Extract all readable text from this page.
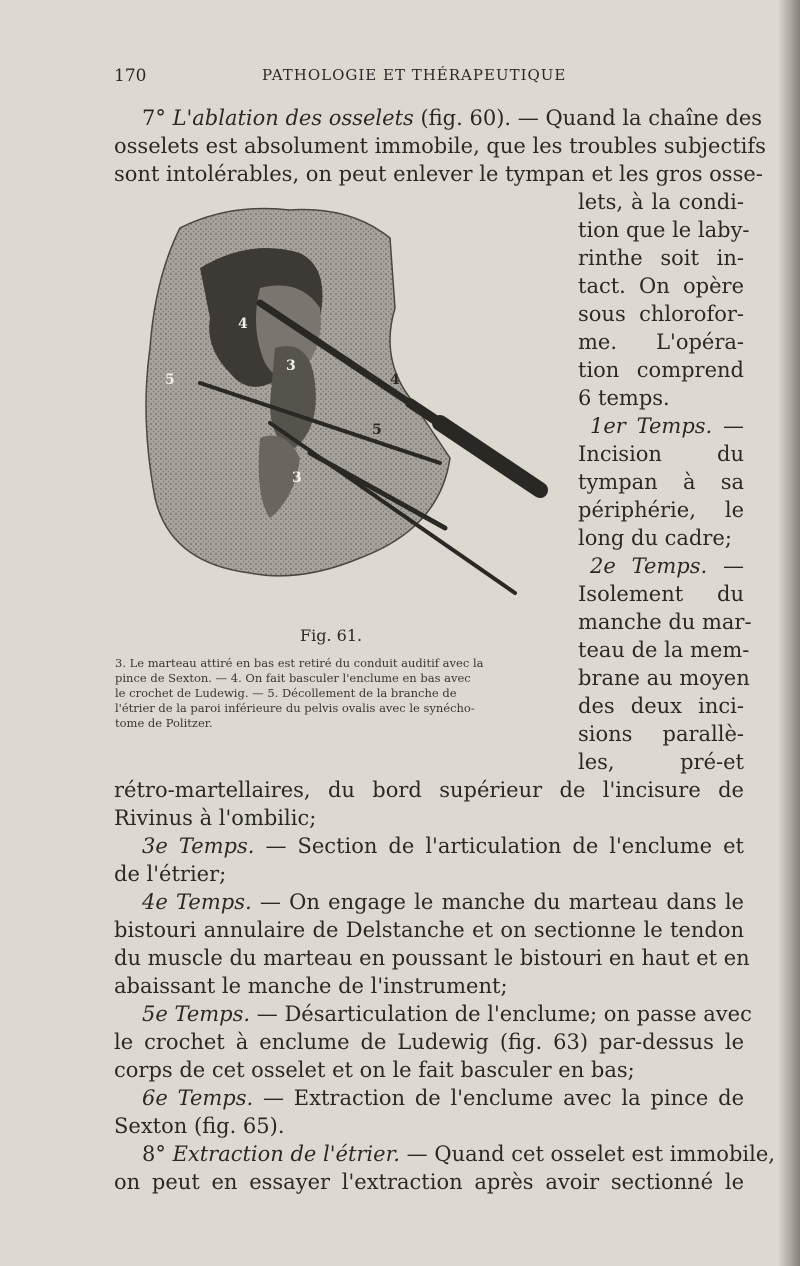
170	PATHOLOGIE ET THÉRAPEUTIQUE
7° L'ablation des osselets (fig. 60). — Quand la chaîne des
osselets est absolument immobile, que les troubles subjectifs
sont intolérables, on peut enlever le tympan et les gros osse-
lets, à la condi-
tion que le laby-
rinthe soit in-
tact. On opère
sous chlorofor-
me. L'opéra-
tion comprend
6 temps.
1er Temps. —
Incision du
tympan à sa
périphérie, le
long du cadre;
2e Temps. —
Isolement du
manche du mar-
teau de la mem-
brane au moyen
des deux inci-
sions parallè-
les, pré-et
4
3
5	4
5
3
Fig. 61.
3. Le marteau attiré en bas est retiré du conduit auditif avec la
pince de Sexton. — 4. On fait basculer l'enclume en bas avec
le crochet de Ludewig. — 5. Décollement de la branche de
l'étrier de la paroi inférieure du pelvis ovalis avec le synécho-
tome de Politzer.
rétro-martellaires, du bord supérieur de l'incisure de
Rivinus à l'ombilic;
3e Temps. — Section de l'articulation de l'enclume et
de l'étrier;
4e Temps. — On engage le manche du marteau dans le
bistouri annulaire de Delstanche et on sectionne le tendon
du muscle du marteau en poussant le bistouri en haut et en
abaissant le manche de l'instrument;
5e Temps. — Désarticulation de l'enclume; on passe avec
le crochet à enclume de Ludewig (fig. 63) par-dessus le
corps de cet osselet et on le fait basculer en bas;
6e Temps. — Extraction de l'enclume avec la pince de
Sexton (fig. 65).
8° Extraction de l'étrier. — Quand cet osselet est immobile,
on peut en essayer l'extraction après avoir sectionné le
